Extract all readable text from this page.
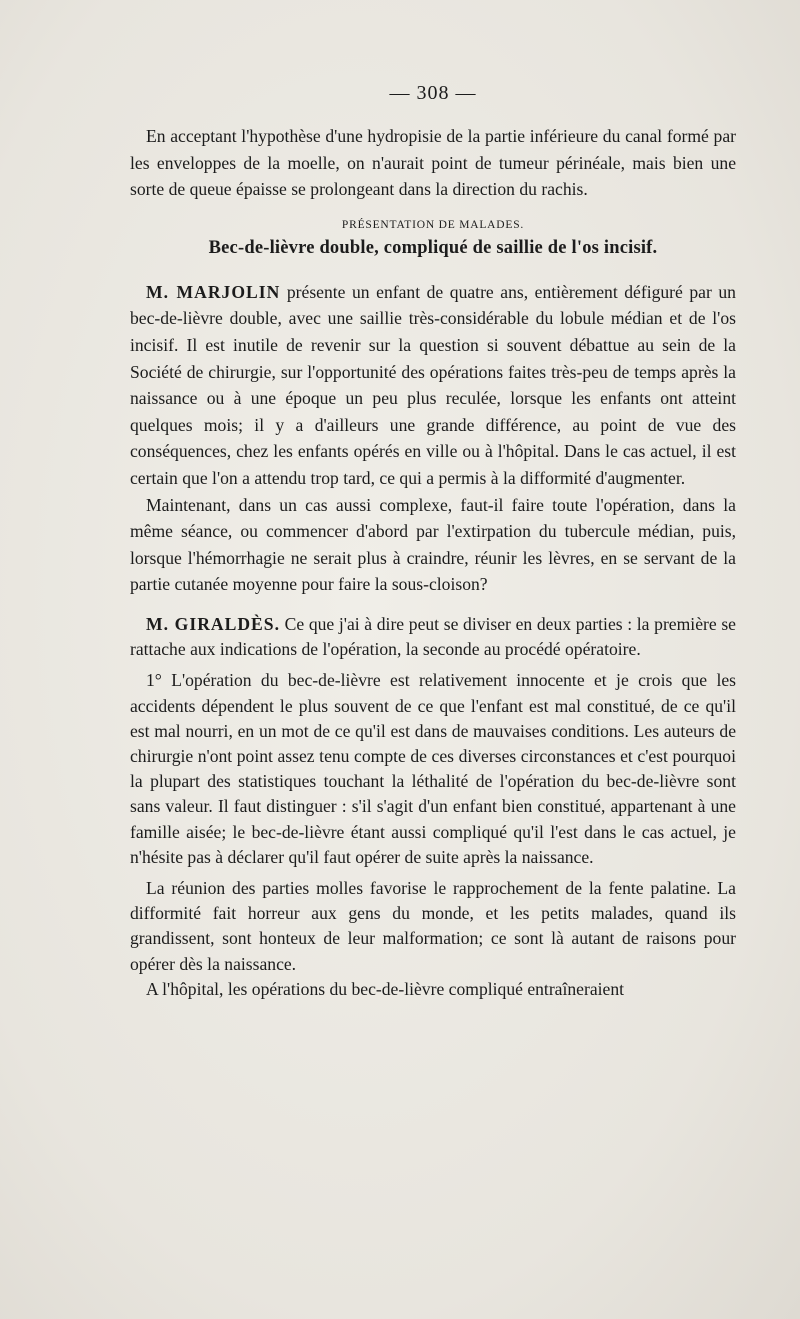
— 308 —

En acceptant l'hypothèse d'une hydropisie de la partie inférieure du canal formé par les enveloppes de la moelle, on n'aurait point de tumeur périnéale, mais bien une sorte de queue épaisse se prolongeant dans la direction du rachis.

PRÉSENTATION DE MALADES.
Bec-de-lièvre double, compliqué de saillie de l'os incisif.

M. MARJOLIN présente un enfant de quatre ans, entièrement défiguré par un bec-de-lièvre double, avec une saillie très-considérable du lobule médian et de l'os incisif. Il est inutile de revenir sur la question si souvent débattue au sein de la Société de chirurgie, sur l'opportunité des opérations faites très-peu de temps après la naissance ou à une époque un peu plus reculée, lorsque les enfants ont atteint quelques mois; il y a d'ailleurs une grande différence, au point de vue des conséquences, chez les enfants opérés en ville ou à l'hôpital. Dans le cas actuel, il est certain que l'on a attendu trop tard, ce qui a permis à la difformité d'augmenter.

Maintenant, dans un cas aussi complexe, faut-il faire toute l'opération, dans la même séance, ou commencer d'abord par l'extirpation du tubercule médian, puis, lorsque l'hémorrhagie ne serait plus à craindre, réunir les lèvres, en se servant de la partie cutanée moyenne pour faire la sous-cloison?

M. GIRALDÈS. Ce que j'ai à dire peut se diviser en deux parties : la première se rattache aux indications de l'opération, la seconde au procédé opératoire.

1° L'opération du bec-de-lièvre est relativement innocente et je crois que les accidents dépendent le plus souvent de ce que l'enfant est mal constitué, de ce qu'il est mal nourri, en un mot de ce qu'il est dans de mauvaises conditions. Les auteurs de chirurgie n'ont point assez tenu compte de ces diverses circonstances et c'est pourquoi la plupart des statistiques touchant la léthalité de l'opération du bec-de-lièvre sont sans valeur. Il faut distinguer : s'il s'agit d'un enfant bien constitué, appartenant à une famille aisée; le bec-de-lièvre étant aussi compliqué qu'il l'est dans le cas actuel, je n'hésite pas à déclarer qu'il faut opérer de suite après la naissance.

La réunion des parties molles favorise le rapprochement de la fente palatine. La difformité fait horreur aux gens du monde, et les petits malades, quand ils grandissent, sont honteux de leur malformation; ce sont là autant de raisons pour opérer dès la naissance.

A l'hôpital, les opérations du bec-de-lièvre compliqué entraîneraient
